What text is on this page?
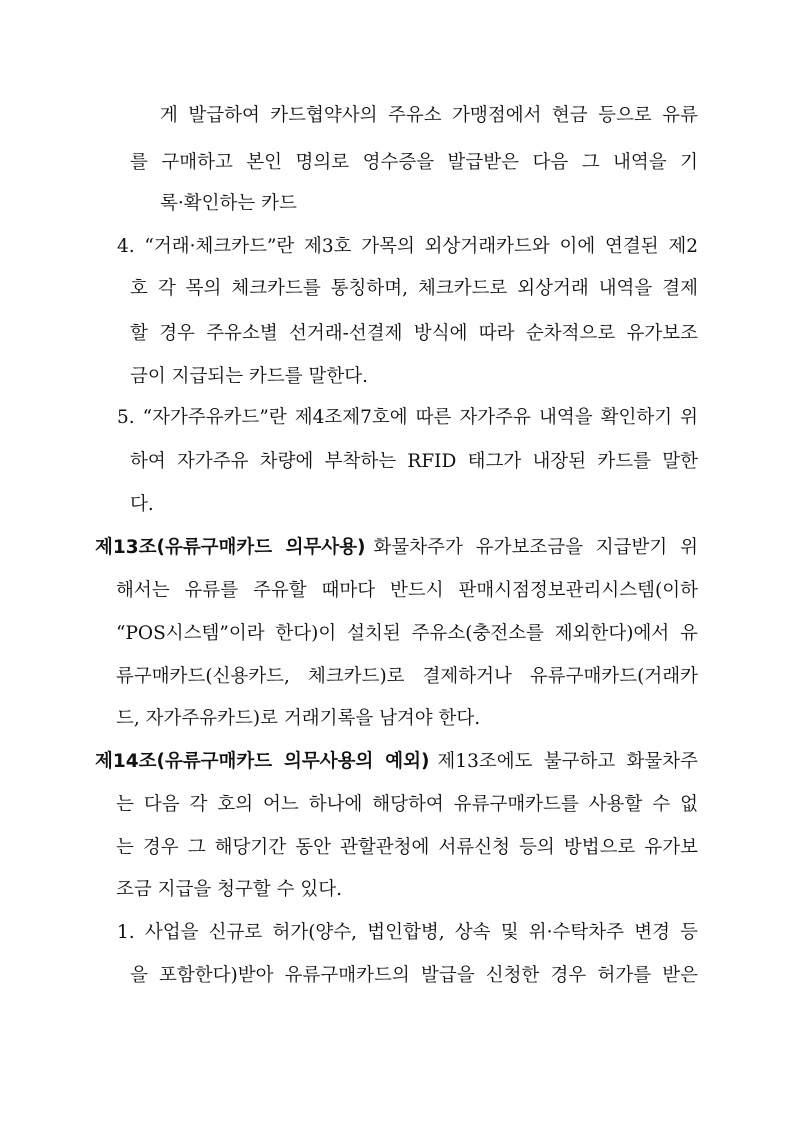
게 발급하여 카드협약사의 주유소 가맹점에서 현금 등으로 유류
를 구매하고 본인 명의로 영수증을 발급받은 다음 그 내역을 기
록·확인하는 카드
4. “거래·체크카드”란 제3호 가목의 외상거래카드와 이에 연결된 제2
호 각 목의 체크카드를 통칭하며, 체크카드로 외상거래 내역을 결제
할 경우 주유소별 선거래-선결제 방식에 따라 순차적으로 유가보조
금이 지급되는 카드를 말한다.
5. “자가주유카드”란 제4조제7호에 따른 자가주유 내역을 확인하기 위
하여 자가주유 차량에 부착하는 RFID 태그가 내장된 카드를 말한
다.
제13조(유류구매카드 의무사용) 화물차주가 유가보조금을 지급받기 위
해서는 유류를 주유할 때마다 반드시 판매시점정보관리시스템(이하
“POS시스템”이라 한다)이 설치된 주유소(충전소를 제외한다)에서 유
류구매카드(신용카드, 체크카드)로 결제하거나 유류구매카드(거래카
드, 자가주유카드)로 거래기록을 남겨야 한다.
제14조(유류구매카드 의무사용의 예외) 제13조에도 불구하고 화물차주
는 다음 각 호의 어느 하나에 해당하여 유류구매카드를 사용할 수 없
는 경우 그 해당기간 동안 관할관청에 서류신청 등의 방법으로 유가보
조금 지급을 청구할 수 있다.
1. 사업을 신규로 허가(양수, 법인합병, 상속 및 위·수탁차주 변경 등
을 포함한다)받아 유류구매카드의 발급을 신청한 경우 허가를 받은
